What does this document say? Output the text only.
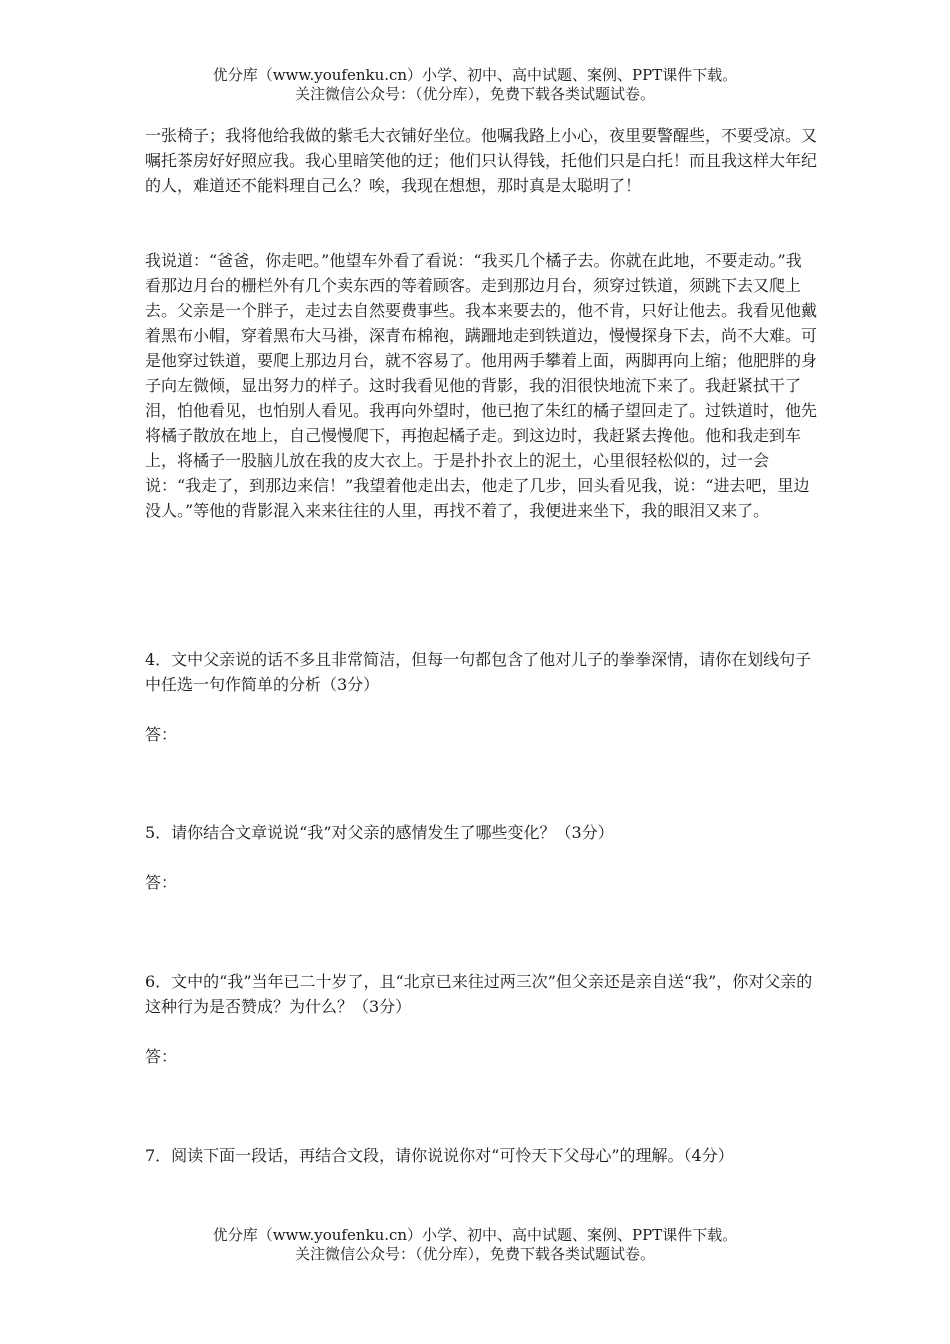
优分库（www.youfenku.cn）小学、初中、高中试题、案例、PPT课件下载。
关注微信公众号：（优分库），免费下载各类试题试卷。

一张椅子；我将他给我做的紫毛大衣铺好坐位。他嘱我路上小心，夜里要警醒些，不要受凉。又嘱托茶房好好照应我。我心里暗笑他的迂；他们只认得钱，托他们只是白托！而且我这样大年纪的人，难道还不能料理自己么？唉，我现在想想，那时真是太聪明了！

我说道：“爸爸，你走吧。”他望车外看了看说：“我买几个橘子去。你就在此地，不要走动。”我看那边月台的栅栏外有几个卖东西的等着顾客。走到那边月台，须穿过铁道，须跳下去又爬上去。父亲是一个胖子，走过去自然要费事些。我本来要去的，他不肯，只好让他去。我看见他戴着黑布小帽，穿着黑布大马褂，深青布棉袍，蹒跚地走到铁道边，慢慢探身下去，尚不大难。可是他穿过铁道，要爬上那边月台，就不容易了。他用两手攀着上面，两脚再向上缩；他肥胖的身子向左微倾，显出努力的样子。这时我看见他的背影，我的泪很快地流下来了。我赶紧拭干了泪，怕他看见，也怕别人看见。我再向外望时，他已抱了朱红的橘子望回走了。过铁道时，他先将橘子散放在地上，自己慢慢爬下，再抱起橘子走。到这边时，我赶紧去搀他。他和我走到车上，将橘子一股脑儿放在我的皮大衣上。于是扑扑衣上的泥土，心里很轻松似的，过一会说：“我走了，到那边来信！”我望着他走出去，他走了几步，回头看见我，说：“进去吧，里边没人。”等他的背影混入来来往往的人里，再找不着了，我便进来坐下，我的眼泪又来了。

4．文中父亲说的话不多且非常简洁，但每一句都包含了他对儿子的拳拳深情，请你在划线句子中任选一句作简单的分析（3分）
答：
5．请你结合文章说说“我”对父亲的感情发生了哪些变化？（3分）
答：
6．文中的“我”当年已二十岁了，且“北京已来往过两三次”但父亲还是亲自送“我”，你对父亲的这种行为是否赞成？为什么？（3分）
答：
7．阅读下面一段话，再结合文段，请你说说你对“可怜天下父母心”的理解。（4分）
优分库（www.youfenku.cn）小学、初中、高中试题、案例、PPT课件下载。
关注微信公众号：（优分库），免费下载各类试题试卷。
